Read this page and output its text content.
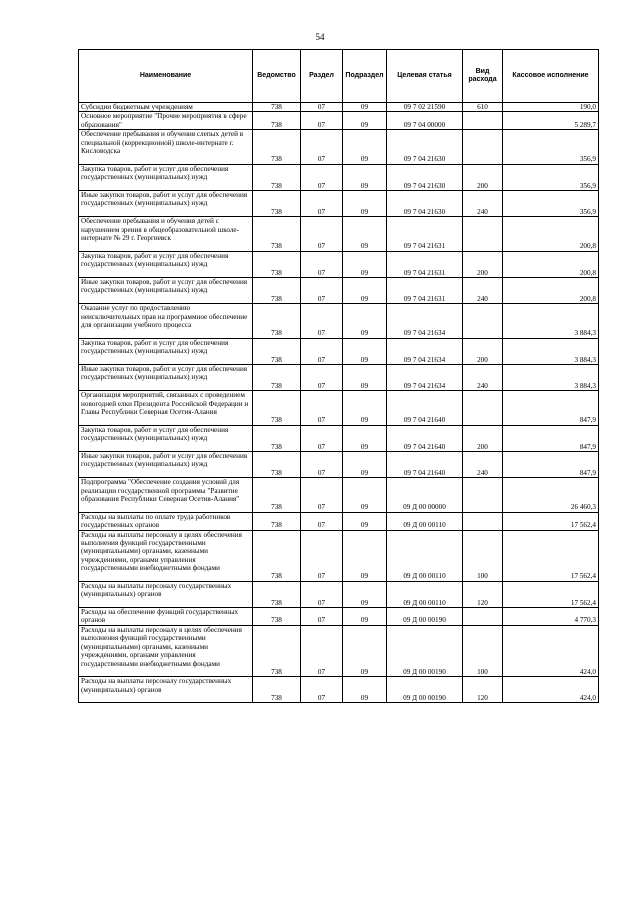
54
Наименование	Ведомство	Раздел	Подраздел	Целевая статья	Вид расхода	Кассовое исполнение
Субсидии бюджетным учреждениям	738	07	09	09 7 02 21590	610	190,0
Основное мероприятие "Прочие мероприятия в сфере образования"	738	07	09	09 7 04 00000		5 289,7
Обеспечение пребывания и обучения слепых детей в специальной (коррекционной) школе-интернате г. Кисловодска	738	07	09	09 7 04 21630		356,9
Закупка товаров, работ и услуг для обеспечения государственных (муниципальных) нужд	738	07	09	09 7 04 21630	200	356,9
Иные закупки товаров, работ и услуг для обеспечения государственных (муниципальных) нужд	738	07	09	09 7 04 21630	240	356,9
Обеспечение пребывания и обучения детей с нарушением зрения в общеобразовательной школе-интернате № 29 г. Георгиевск	738	07	09	09 7 04 21631		200,8
Закупка товаров, работ и услуг для обеспечения государственных (муниципальных) нужд	738	07	09	09 7 04 21631	200	200,8
Иные закупки товаров, работ и услуг для обеспечения государственных (муниципальных) нужд	738	07	09	09 7 04 21631	240	200,8
Оказание услуг по предоставлению неисключительных прав на программное обеспечение для организации учебного процесса	738	07	09	09 7 04 21634		3 884,3
Закупка товаров, работ и услуг для обеспечения государственных (муниципальных) нужд	738	07	09	09 7 04 21634	200	3 884,3
Иные закупки товаров, работ и услуг для обеспечения государственных (муниципальных) нужд	738	07	09	09 7 04 21634	240	3 884,3
Организация мероприятий, связанных с проведением новогодней елки Президента Российской Федерации и Главы Республики Северная Осетия-Алания	738	07	09	09 7 04 21640		847,9
Закупка товаров, работ и услуг для обеспечения государственных (муниципальных) нужд	738	07	09	09 7 04 21640	200	847,9
Иные закупки товаров, работ и услуг для обеспечения государственных (муниципальных) нужд	738	07	09	09 7 04 21640	240	847,9
Подпрограмма "Обеспечение создания условий для реализации государственной программы "Развитие образования Республики Северная Осетия-Алания"	738	07	09	09 Д 00 00000		26 460,3
Расходы на выплаты по оплате труда работников государственных органов	738	07	09	09 Д 00 00110		17 562,4
Расходы на выплаты персоналу в целях обеспечения выполнения функций государственными (муниципальными) органами, казенными учреждениями, органами управления государственными внебюджетными фондами	738	07	09	09 Д 00 00110	100	17 562,4
Расходы на выплаты персоналу государственных (муниципальных) органов	738	07	09	09 Д 00 00110	120	17 562,4
Расходы на обеспечение функций государственных органов	738	07	09	09 Д 00 00190		4 770,3
Расходы на выплаты персоналу в целях обеспечения выполнения функций государственными (муниципальными) органами, казенными учреждениями, органами управления государственными внебюджетными фондами	738	07	09	09 Д 00 00190	100	424,0
Расходы на выплаты персоналу государственных (муниципальных) органов	738	07	09	09 Д 00 00190	120	424,0
